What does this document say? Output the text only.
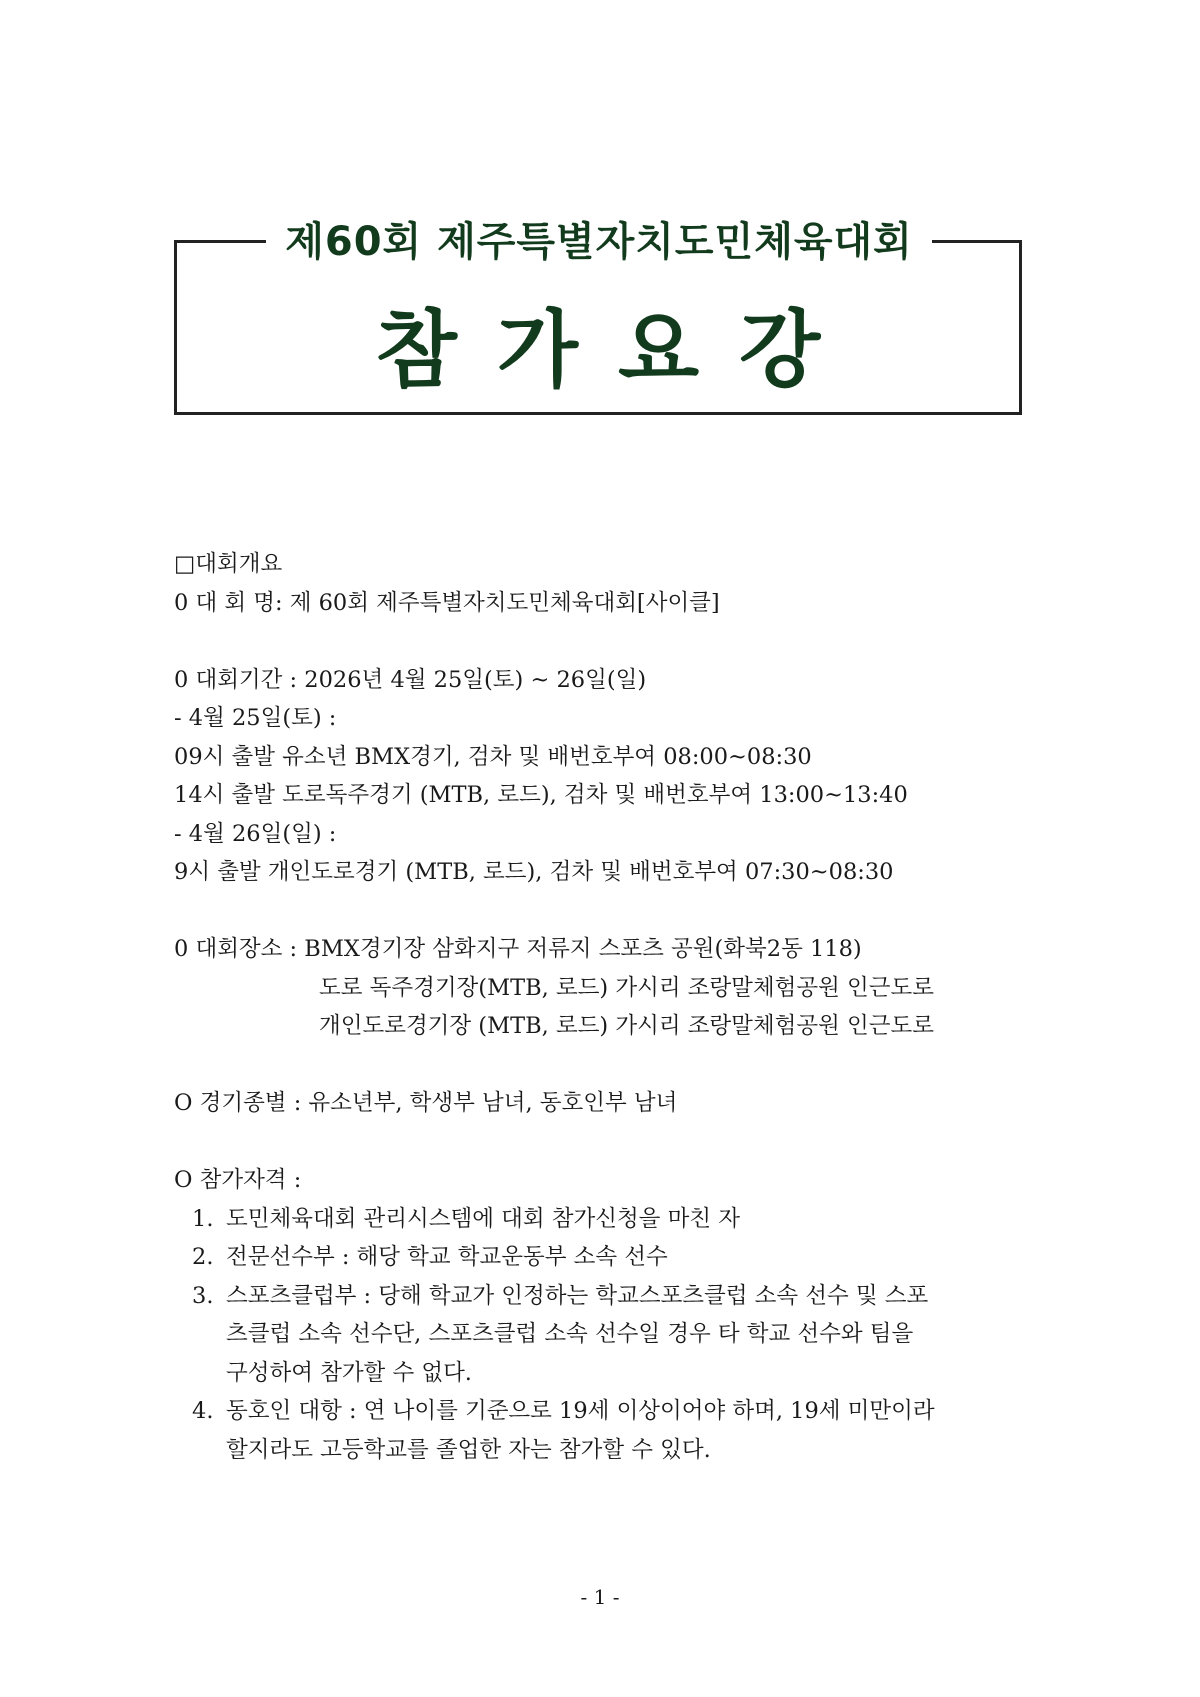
제60회 제주특별자치도민체육대회
참가요강
□대회개요
0 대 회 명: 제 60회 제주특별자치도민체육대회[사이클]
0 대회기간 : 2026년 4월 25일(토) ~ 26일(일)
- 4월 25일(토) :
09시 출발 유소년 BMX경기, 검차 및 배번호부여 08:00~08:30
14시 출발 도로독주경기 (MTB, 로드), 검차 및 배번호부여 13:00~13:40
- 4월 26일(일) :
9시 출발 개인도로경기 (MTB, 로드), 검차 및 배번호부여 07:30~08:30
0 대회장소 : BMX경기장 삼화지구 저류지 스포츠 공원(화북2동 118)
도로 독주경기장(MTB, 로드) 가시리 조랑말체험공원 인근도로
개인도로경기장 (MTB, 로드) 가시리 조랑말체험공원 인근도로
O 경기종별 : 유소년부, 학생부 남녀, 동호인부 남녀
O 참가자격 :
1. 도민체육대회 관리시스템에 대회 참가신청을 마친 자
2. 전문선수부 : 해당 학교 학교운동부 소속 선수
3. 스포츠클럽부 : 당해 학교가 인정하는 학교스포츠클럽 소속 선수 및 스포
츠클럽 소속 선수단, 스포츠클럽 소속 선수일 경우 타 학교 선수와 팀을
구성하여 참가할 수 없다.
4. 동호인 대항 : 연 나이를 기준으로 19세 이상이어야 하며, 19세 미만이라
할지라도 고등학교를 졸업한 자는 참가할 수 있다.
- 1 -
